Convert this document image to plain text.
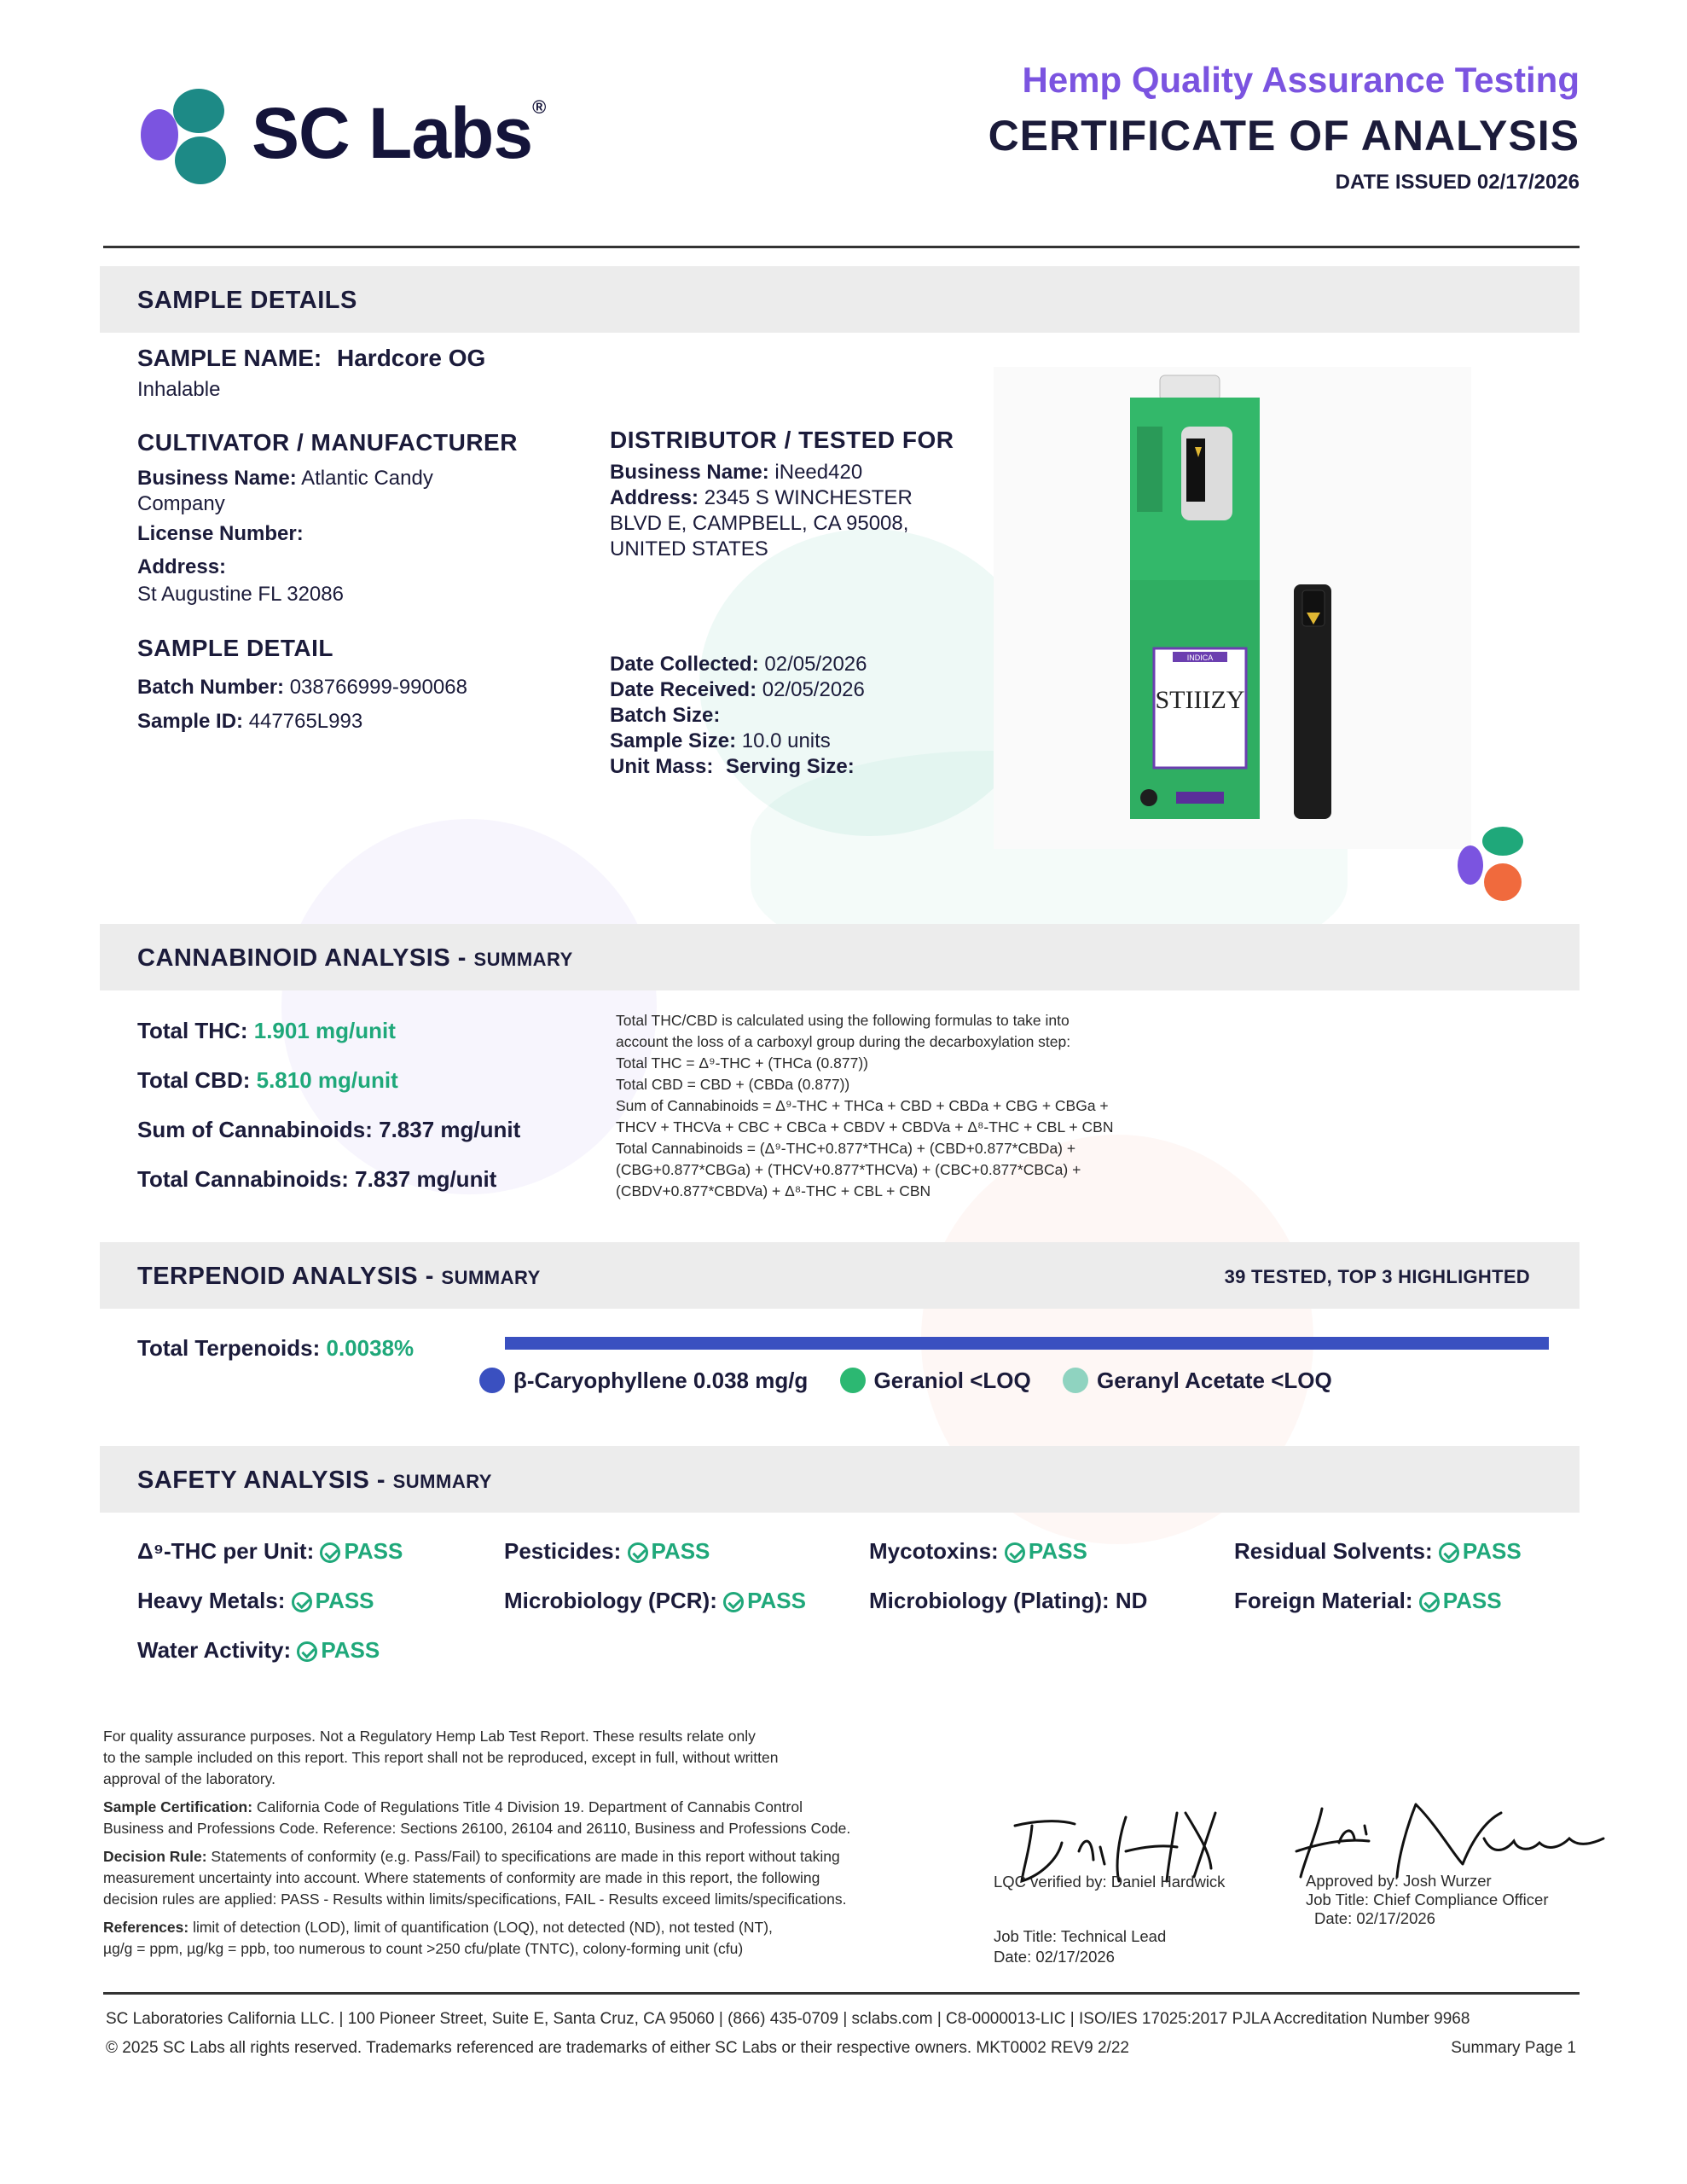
SC Labs®
Hemp Quality Assurance Testing
CERTIFICATE OF ANALYSIS
DATE ISSUED 02/17/2026
SAMPLE DETAILS
SAMPLE NAME: Hardcore OG
Inhalable
CULTIVATOR / MANUFACTURER
Business Name: Atlantic Candy
Company
License Number:
Address:
St Augustine FL 32086
SAMPLE DETAIL
Batch Number: 038766999-990068
Sample ID: 447765L993
DISTRIBUTOR / TESTED FOR
Business Name: iNeed420
Address: 2345 S WINCHESTER
BLVD E, CAMPBELL, CA 95008,
UNITED STATES
Date Collected: 02/05/2026
Date Received: 02/05/2026
Batch Size:
Sample Size: 10.0 units
Unit Mass: Serving Size:
INDICA
STIIIZY
CANNABINOID ANALYSIS - SUMMARY
Total THC: 1.901 mg/unit
Total CBD: 5.810 mg/unit
Sum of Cannabinoids: 7.837 mg/unit
Total Cannabinoids: 7.837 mg/unit
Total THC/CBD is calculated using the following formulas to take into
account the loss of a carboxyl group during the decarboxylation step:
Total THC = Δ⁹-THC + (THCa (0.877))
Total CBD = CBD + (CBDa (0.877))
Sum of Cannabinoids = Δ⁹-THC + THCa + CBD + CBDa + CBG + CBGa +
THCV + THCVa + CBC + CBCa + CBDV + CBDVa + Δ⁸-THC + CBL + CBN
Total Cannabinoids = (Δ⁹-THC+0.877*THCa) + (CBD+0.877*CBDa) +
(CBG+0.877*CBGa) + (THCV+0.877*THCVa) + (CBC+0.877*CBCa) +
(CBDV+0.877*CBDVa) + Δ⁸-THC + CBL + CBN
TERPENOID ANALYSIS - SUMMARY	39 TESTED, TOP 3 HIGHLIGHTED
Total Terpenoids: 0.0038%
β-Caryophyllene 0.038 mg/g	Geraniol <LOQ	Geranyl Acetate <LOQ
SAFETY ANALYSIS - SUMMARY
Δ⁹-THC per Unit: PASS	Pesticides: PASS	Mycotoxins: PASS	Residual Solvents: PASS
Heavy Metals: PASS	Microbiology (PCR): PASS	Microbiology (Plating): ND	Foreign Material: PASS
Water Activity: PASS
For quality assurance purposes. Not a Regulatory Hemp Lab Test Report. These results relate only
to the sample included on this report. This report shall not be reproduced, except in full, without written
approval of the laboratory.
Sample Certification: California Code of Regulations Title 4 Division 19. Department of Cannabis Control
Business and Professions Code. Reference: Sections 26100, 26104 and 26110, Business and Professions Code.
Decision Rule: Statements of conformity (e.g. Pass/Fail) to specifications are made in this report without taking
measurement uncertainty into account. Where statements of conformity are made in this report, the following
decision rules are applied: PASS - Results within limits/specifications, FAIL - Results exceed limits/specifications.
References: limit of detection (LOD), limit of quantification (LOQ), not detected (ND), not tested (NT),
µg/g = ppm, µg/kg = ppb, too numerous to count >250 cfu/plate (TNTC), colony-forming unit (cfu)
LQC verified by: Daniel Hardwick
Job Title: Technical Lead
Date: 02/17/2026
Approved by: Josh Wurzer
Job Title: Chief Compliance Officer
Date: 02/17/2026
SC Laboratories California LLC. | 100 Pioneer Street, Suite E, Santa Cruz, CA 95060 | (866) 435-0709 | sclabs.com | C8-0000013-LIC | ISO/IES 17025:2017 PJLA Accreditation Number 9968
© 2025 SC Labs all rights reserved. Trademarks referenced are trademarks of either SC Labs or their respective owners. MKT0002 REV9 2/22	Summary Page 1
